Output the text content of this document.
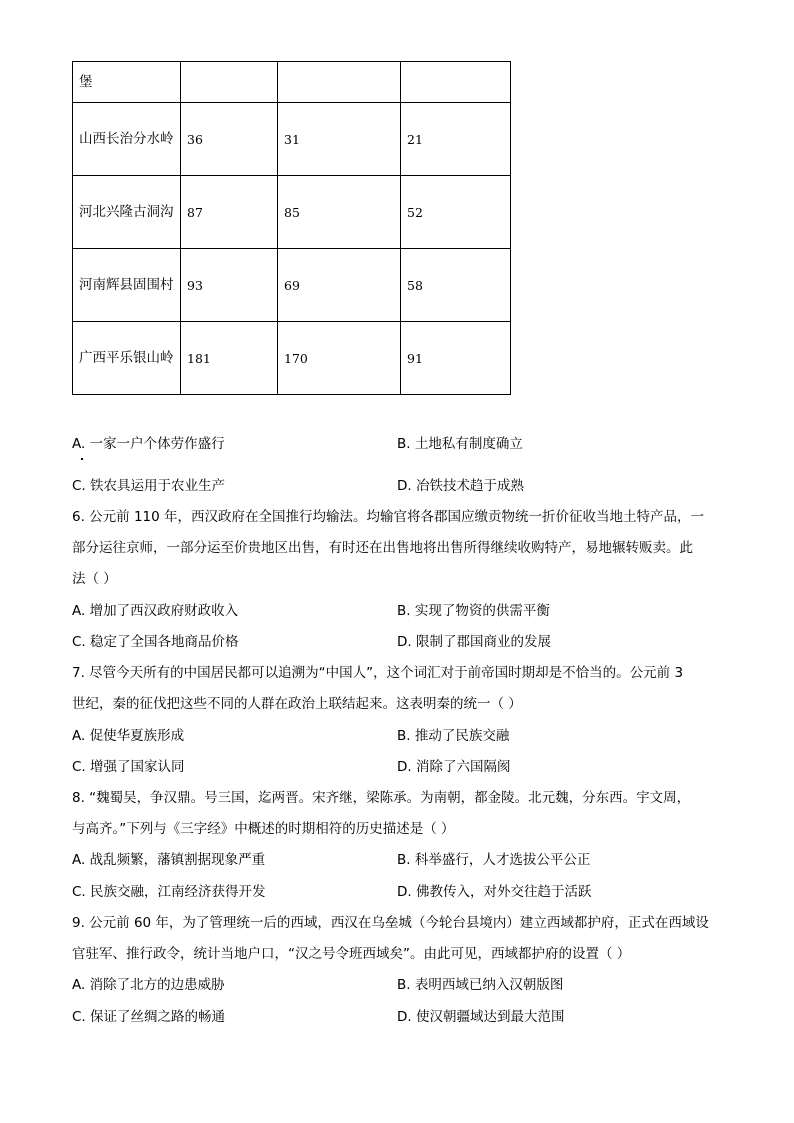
堡			
山西长治分水岭	36	31	21
河北兴隆古洞沟	87	85	52
河南辉县固围村	93	69	58
广西平乐银山岭	181	170	91
A. 一家一户个体劳作盛行	B. 土地私有制度确立
C. 铁农具运用于农业生产	D. 冶铁技术趋于成熟
6. 公元前 110 年，西汉政府在全国推行均输法。均输官将各郡国应缴贡物统一折价征收当地土特产品，一
部分运往京师，一部分运至价贵地区出售，有时还在出售地将出售所得继续收购特产，易地辗转贩卖。此
法（ ）
A. 增加了西汉政府财政收入	B. 实现了物资的供需平衡
C. 稳定了全国各地商品价格	D. 限制了郡国商业的发展
7. 尽管今天所有的中国居民都可以追溯为“中国人”，这个词汇对于前帝国时期却是不恰当的。公元前 3
世纪，秦的征伐把这些不同的人群在政治上联结起来。这表明秦的统一（ ）
A. 促使华夏族形成	B. 推动了民族交融
C. 增强了国家认同	D. 消除了六国隔阂
8. “魏蜀吴，争汉鼎。号三国，迄两晋。宋齐继，梁陈承。为南朝，都金陵。北元魏，分东西。宇文周，
与高齐。”下列与《三字经》中概述的时期相符的历史描述是（ ）
A. 战乱频繁，藩镇割据现象严重	B. 科举盛行，人才选拔公平公正
C. 民族交融，江南经济获得开发	D. 佛教传入，对外交往趋于活跃
9. 公元前 60 年，为了管理统一后的西域，西汉在乌垒城（今轮台县境内）建立西域都护府，正式在西域设
官驻军、推行政令，统计当地户口，“汉之号令班西域矣”。由此可见，西域都护府的设置（ ）
A. 消除了北方的边患威胁	B. 表明西域已纳入汉朝版图
C. 保证了丝绸之路的畅通	D. 使汉朝疆域达到最大范围
